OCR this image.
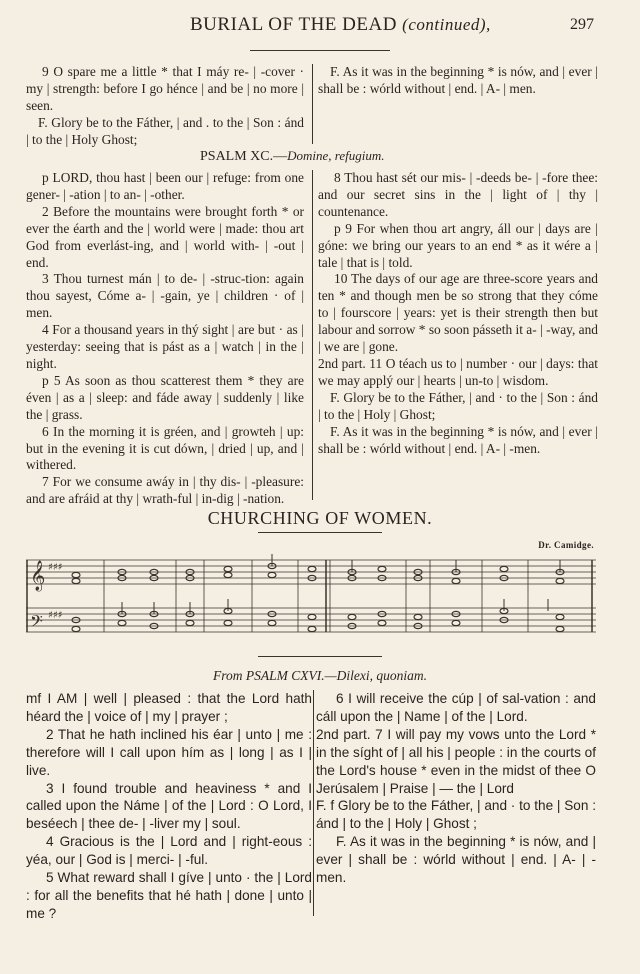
BURIAL OF THE DEAD (continued),	297

9 O spare me a little * that I máy re- | -cover · my | strength: before I go hénce | and be | no more | seen.

F. Glory be to the Fáther, | and . to the | Son : ánd | to the | Holy Ghost;

F. As it was in the beginning * is nów, and | ever | shall be : wórld without | end. | A- | men.

PSALM XC.—Domine, refugium.

p LORD, thou hast | been our | refuge: from one gener- | -ation | to an- | -other.

2 Before the mountains were brought forth * or ever the éarth and the | world were | made: thou art God from everlást-ing, and | world with- | -out | end.

3 Thou turnest mán | to de- | -struc-tion: again thou sayest, Cóme a- | -gain, ye | children · of | men.

4 For a thousand years in thý sight | are but · as | yesterday: seeing that is pást as a | watch | in the | night.

p 5 As soon as thou scatterest them * they are éven | as a | sleep: and fáde away | suddenly | like the | grass.

6 In the morning it is gréen, and | growteh | up: but in the evening it is cut dówn, | dried | up, and | withered.

7 For we consume awáy in | thy dis- | -pleasure: and are afráid at thy | wrath-ful | in-dig | -nation.

8 Thou hast sét our mis- | -deeds be- | -fore thee: and our secret sins in the | light of | thy | countenance.

p 9 For when thou art angry, áll our | days are | góne: we bring our years to an end * as it wére a | tale | that is | told.

10 The days of our age are three-score years and ten * and though men be so strong that they cóme to | fourscore | years: yet is their strength then but labour and sorrow * so soon pásseth it a- | -way, and | we are | gone.

2nd part. 11 O téach us to | number · our | days: that we may applý our | hearts | un-to | wisdom.

F. Glory be to the Fáther, | and · to the | Son : ánd | to the | Holy | Ghost;

F. As it was in the beginning * is nów, and | ever | shall be : wórld without | end. | A- | -men.

CHURCHING OF WOMEN.
Dr. Camidge.
𝄞
𝄢
♯♯♯
♯♯♯
From PSALM CXVI.—Dilexi, quoniam.

mf I AM | well | pleased : that the Lord hath héard the | voice of | my | prayer ;

2 That he hath inclined his éar | unto | me : therefore will I call upon hím as | long | as I | live.

3 I found trouble and heaviness * and I called upon the Náme | of the | Lord : O Lord, I beséech | thee de- | -liver my | soul.

4 Gracious is the | Lord and | right-eous : yéa, our | God is | merci- | -ful.

5 What reward shall I gíve | unto · the | Lord : for all the benefits that hé hath | done | unto | me ?

6 I will receive the cúp | of sal-vation : and cáll upon the | Name | of the | Lord.

2nd part. 7 I will pay my vows unto the Lord * in the síght of | all his | people : in the courts of the Lord's house * even in the midst of thee O Jerúsalem | Praise | — the | Lord

F. f Glory be to the Fáther, | and · to the | Son : ánd | to the | Holy | Ghost ;

F. As it was in the beginning * is nów, and | ever | shall be : wórld without | end. | A- | -men.
